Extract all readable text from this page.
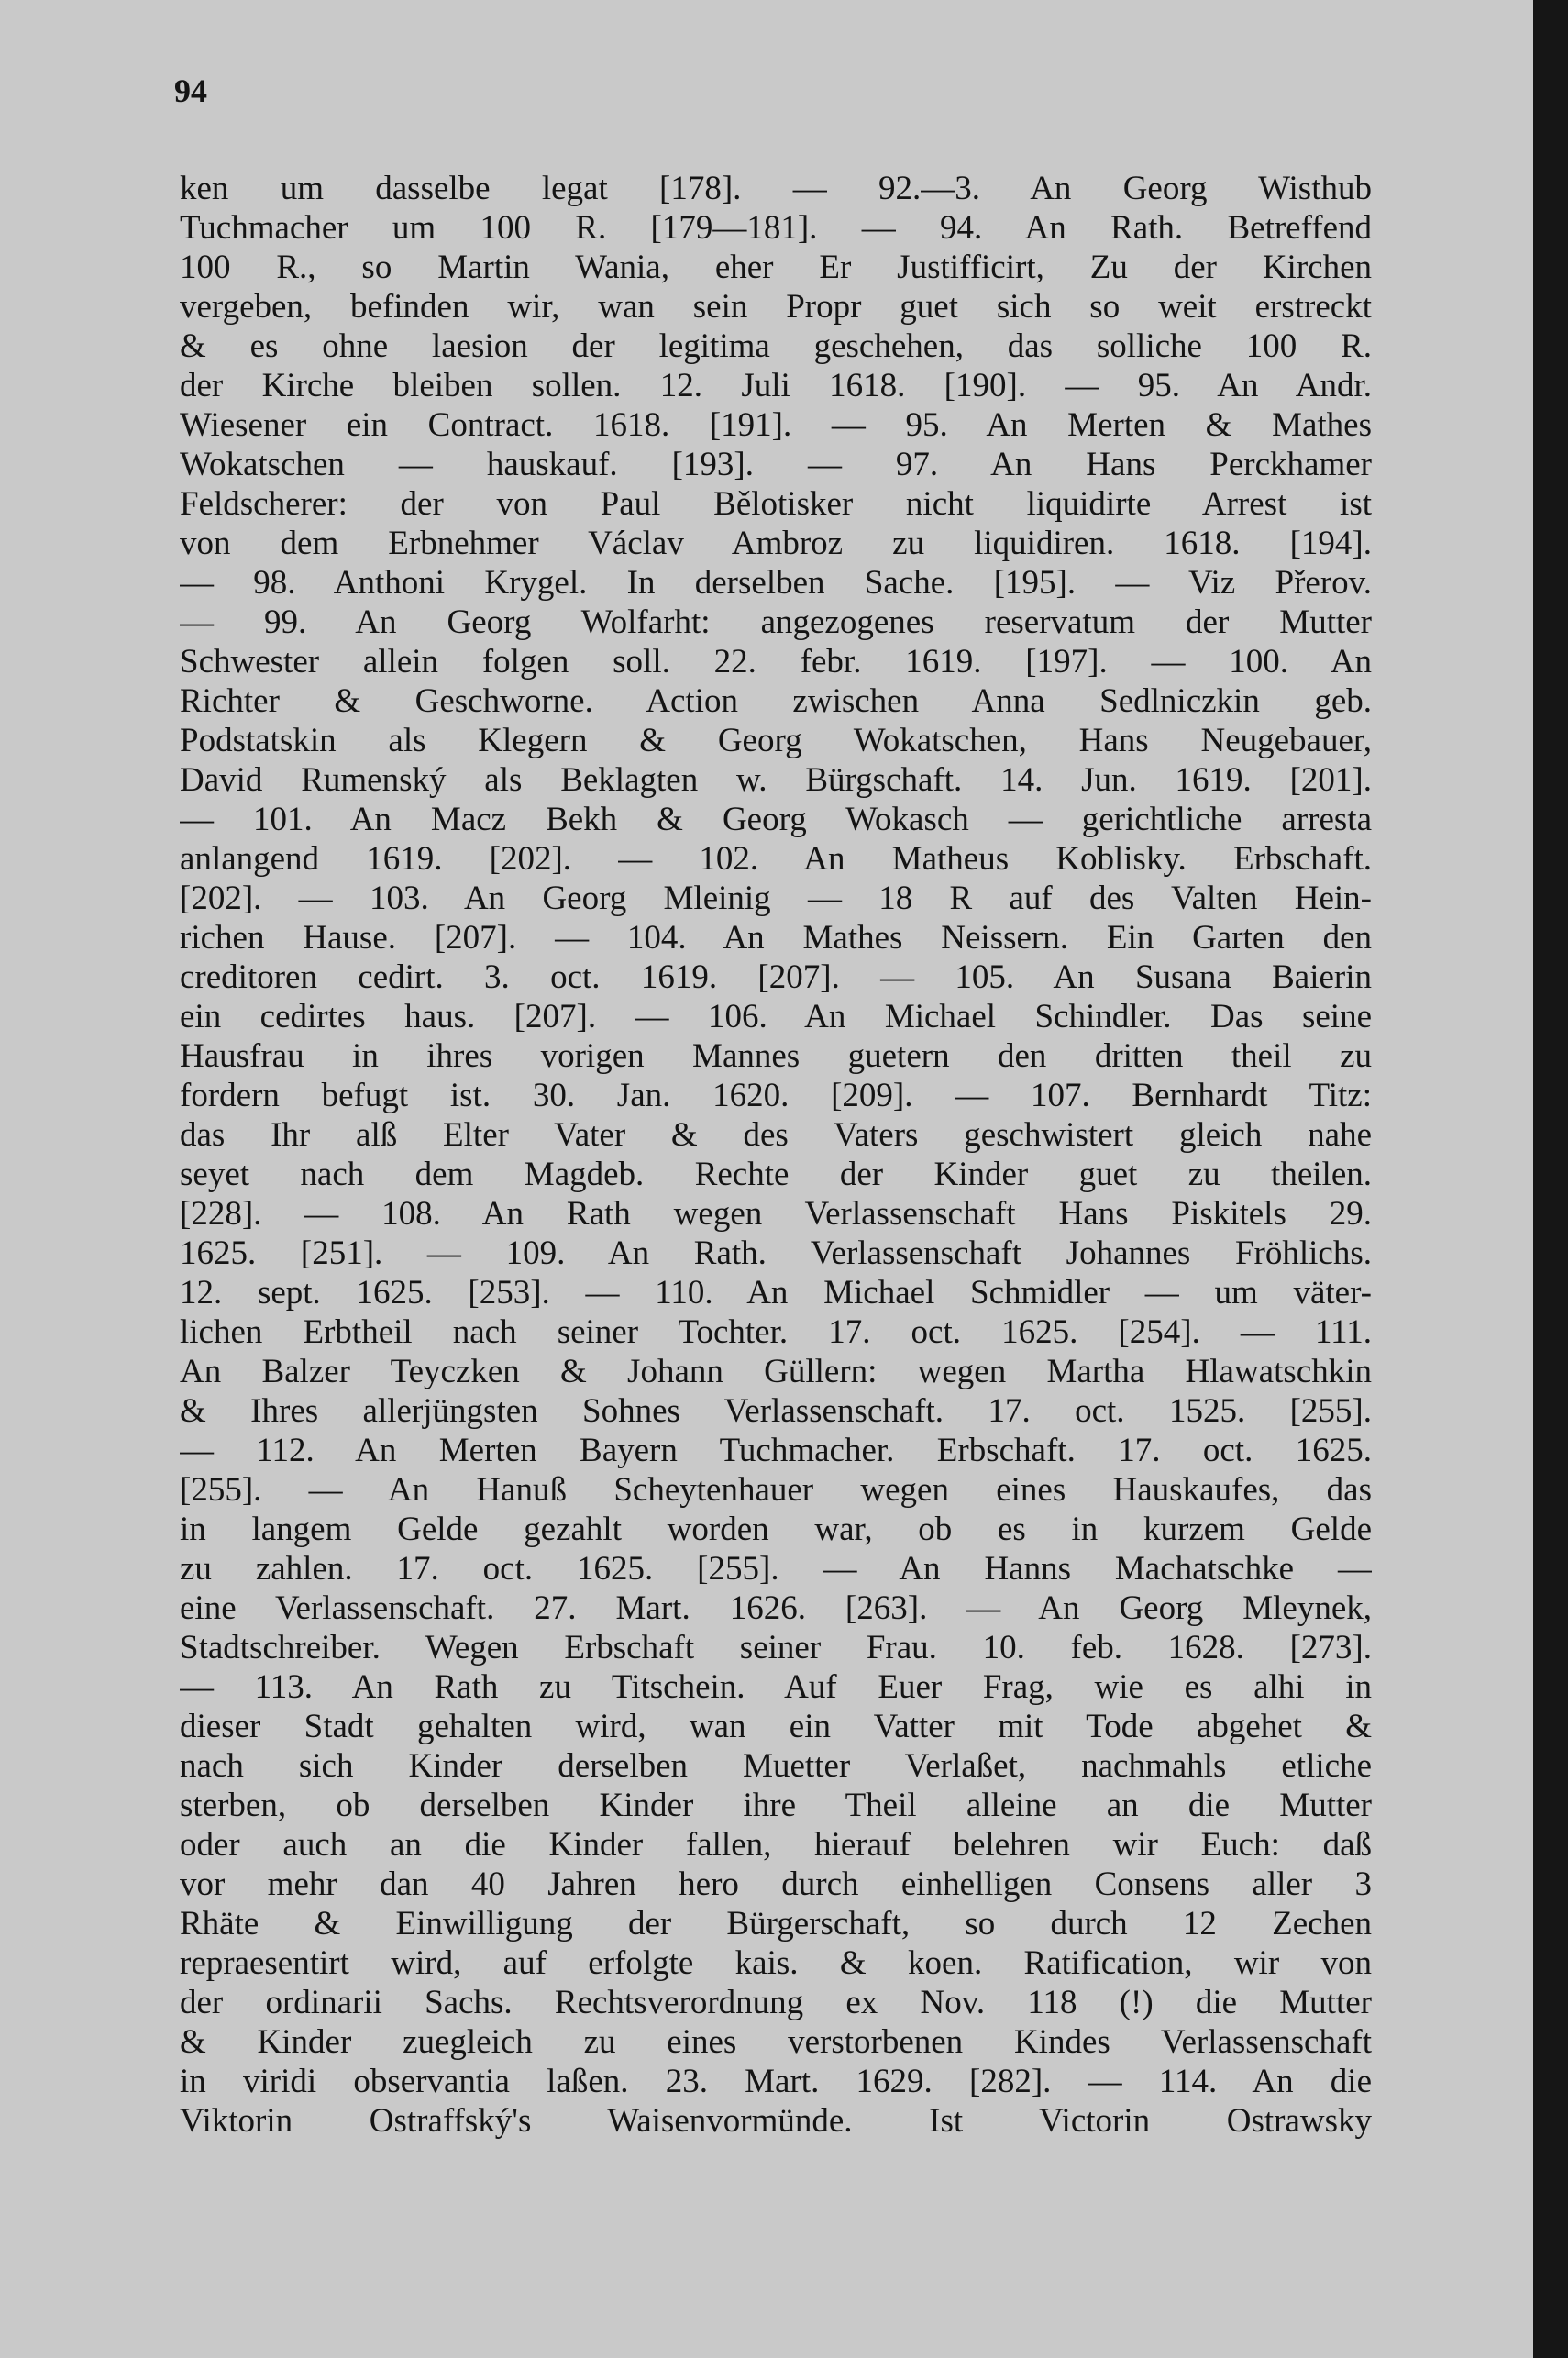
94
ken um dasselbe legat [178]. — 92.—3. An Georg Wisthub
Tuchmacher um 100 R. [179—181]. — 94. An Rath. Betreffend
100 R., so Martin Wania, eher Er Justifficirt, Zu der Kirchen
vergeben, befinden wir, wan sein Propr guet sich so weit erstreckt
& es ohne laesion der legitima geschehen, das solliche 100 R.
der Kirche bleiben sollen. 12. Juli 1618. [190]. — 95. An Andr.
Wiesener ein Contract. 1618. [191]. — 95. An Merten & Mathes
Wokatschen — hauskauf. [193]. — 97. An Hans Perckhamer
Feldscherer: der von Paul Bělotisker nicht liquidirte Arrest ist
von dem Erbnehmer Václav Ambroz zu liquidiren. 1618. [194].
— 98. Anthoni Krygel. In derselben Sache. [195]. — Viz Přerov.
— 99. An Georg Wolfarht: angezogenes reservatum der Mutter
Schwester allein folgen soll. 22. febr. 1619. [197]. — 100. An
Richter & Geschworne. Action zwischen Anna Sedlniczkin geb.
Podstatskin als Klegern & Georg Wokatschen, Hans Neugebauer,
David Rumenský als Beklagten w. Bürgschaft. 14. Jun. 1619. [201].
— 101. An Macz Bekh & Georg Wokasch — gerichtliche arresta
anlangend 1619. [202]. — 102. An Matheus Koblisky. Erbschaft.
[202]. — 103. An Georg Mleinig — 18 R auf des Valten Hein-
richen Hause. [207]. — 104. An Mathes Neissern. Ein Garten den
creditoren cedirt. 3. oct. 1619. [207]. — 105. An Susana Baierin
ein cedirtes haus. [207]. — 106. An Michael Schindler. Das seine
Hausfrau in ihres vorigen Mannes guetern den dritten theil zu
fordern befugt ist. 30. Jan. 1620. [209]. — 107. Bernhardt Titz:
das Ihr alß Elter Vater & des Vaters geschwistert gleich nahe
seyet nach dem Magdeb. Rechte der Kinder guet zu theilen.
[228]. — 108. An Rath wegen Verlassenschaft Hans Piskitels 29.
1625. [251]. — 109. An Rath. Verlassenschaft Johannes Fröhlichs.
12. sept. 1625. [253]. — 110. An Michael Schmidler — um väter-
lichen Erbtheil nach seiner Tochter. 17. oct. 1625. [254]. — 111.
An Balzer Teyczken & Johann Güllern: wegen Martha Hlawatschkin
& Ihres allerjüngsten Sohnes Verlassenschaft. 17. oct. 1525. [255].
— 112. An Merten Bayern Tuchmacher. Erbschaft. 17. oct. 1625.
[255]. — An Hanuß Scheytenhauer wegen eines Hauskaufes, das
in langem Gelde gezahlt worden war, ob es in kurzem Gelde
zu zahlen. 17. oct. 1625. [255]. — An Hanns Machatschke —
eine Verlassenschaft. 27. Mart. 1626. [263]. — An Georg Mleynek,
Stadtschreiber. Wegen Erbschaft seiner Frau. 10. feb. 1628. [273].
— 113. An Rath zu Titschein. Auf Euer Frag, wie es alhi in
dieser Stadt gehalten wird, wan ein Vatter mit Tode abgehet &
nach sich Kinder derselben Muetter Verlaßet, nachmahls etliche
sterben, ob derselben Kinder ihre Theil alleine an die Mutter
oder auch an die Kinder fallen, hierauf belehren wir Euch: daß
vor mehr dan 40 Jahren hero durch einhelligen Consens aller 3
Rhäte & Einwilligung der Bürgerschaft, so durch 12 Zechen
repraesentirt wird, auf erfolgte kais. & koen. Ratification, wir von
der ordinarii Sachs. Rechtsverordnung ex Nov. 118 (!) die Mutter
& Kinder zuegleich zu eines verstorbenen Kindes Verlassenschaft
in viridi observantia laßen. 23. Mart. 1629. [282]. — 114. An die
Viktorin Ostraffský's Waisenvormünde. Ist Victorin Ostrawsky
